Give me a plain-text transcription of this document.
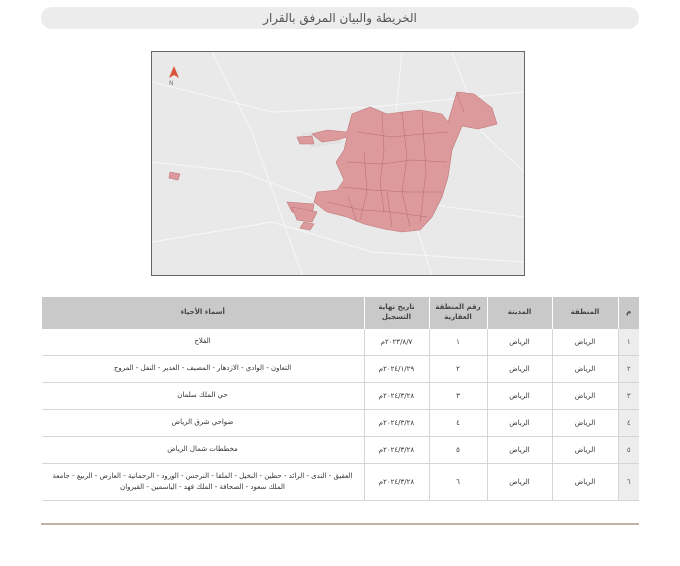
الخريطة والبيان المرفق بالقرار
N
م	المنطقة	المدينة	رقم المنطقة العقارية	تاريخ نهاية التسجيل	أسماء الأحياء
١	الرياض	الرياض	١	٢٠٢٣/٨/٧م	الفلاح
٢	الرياض	الرياض	٢	٢٠٢٤/١/٢٩م	التعاون - الوادي - الازدهار - المصيف - الغدير - النفل - المروج
٣	الرياض	الرياض	٣	٢٠٢٤/٣/٢٨م	حي الملك سلمان
٤	الرياض	الرياض	٤	٢٠٢٤/٣/٢٨م	ضواحي شرق الرياض
٥	الرياض	الرياض	٥	٢٠٢٤/٣/٢٨م	مخططات شمال الرياض
٦	الرياض	الرياض	٦	٢٠٢٤/٣/٢٨م	العقيق - الندى - الرائد - حطين - النخيل - الملقا - النرجس - الورود - الرحمانية - العارض - الربيع - جامعة الملك سعود - الصحافة - الملك فهد - الياسمين - القيروان
